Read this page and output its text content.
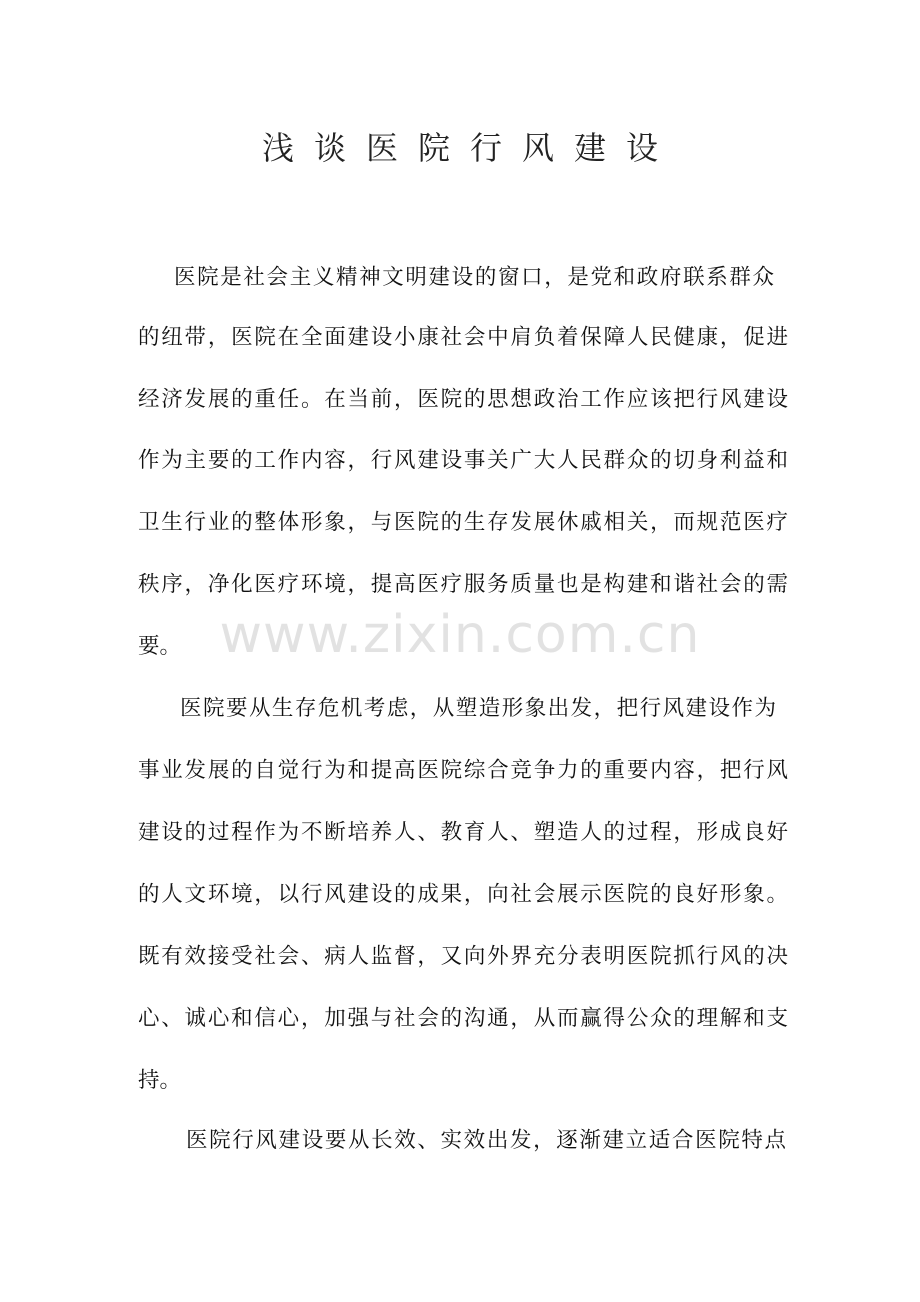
浅谈医院行风建设
www.zixin.com.cn
医院是社会主义精神文明建设的窗口，是党和政府联系群众
的纽带，医院在全面建设小康社会中肩负着保障人民健康，促进
经济发展的重任。在当前，医院的思想政治工作应该把行风建设
作为主要的工作内容，行风建设事关广大人民群众的切身利益和
卫生行业的整体形象，与医院的生存发展休戚相关，而规范医疗
秩序，净化医疗环境，提高医疗服务质量也是构建和谐社会的需
要。
医院要从生存危机考虑，从塑造形象出发，把行风建设作为
事业发展的自觉行为和提高医院综合竞争力的重要内容，把行风
建设的过程作为不断培养人、教育人、塑造人的过程，形成良好
的人文环境，以行风建设的成果，向社会展示医院的良好形象。
既有效接受社会、病人监督，又向外界充分表明医院抓行风的决
心、诚心和信心，加强与社会的沟通，从而赢得公众的理解和支
持。
医院行风建设要从长效、实效出发，逐渐建立适合医院特点
